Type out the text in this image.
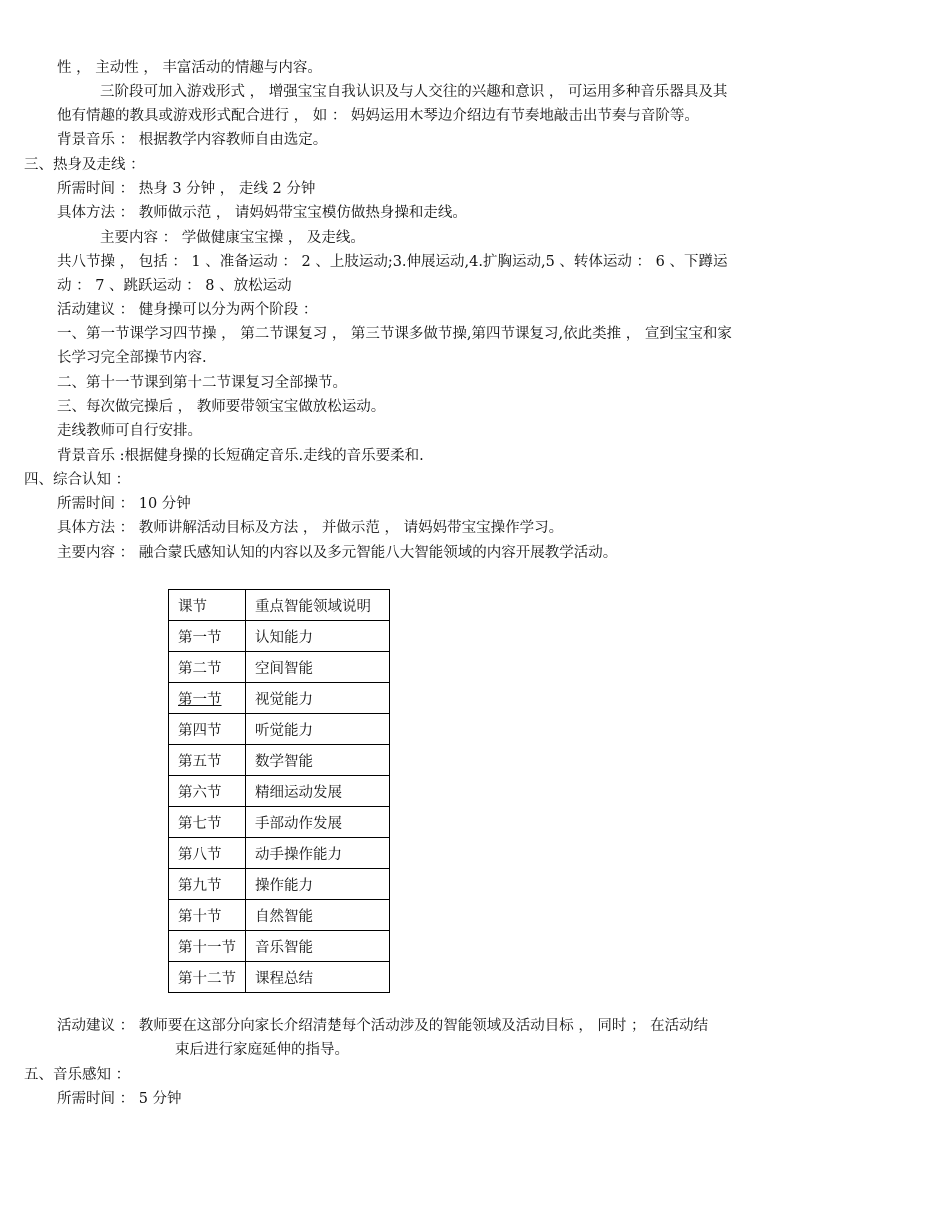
性 ， 主动性 ， 丰富活动的情趣与内容。
三阶段可加入游戏形式 ， 增强宝宝自我认识及与人交往的兴趣和意识 ， 可运用多种音乐器具及其
他有情趣的教具或游戏形式配合进行 ， 如 ： 妈妈运用木琴边介绍边有节奏地敲击出节奏与音阶等。
背景音乐 ： 根据教学内容教师自由选定。
三、热身及走线 ：
所需时间 ： 热身 3 分钟 ， 走线 2 分钟
具体方法 ： 教师做示范 ， 请妈妈带宝宝模仿做热身操和走线。
主要内容 ： 学做健康宝宝操 ， 及走线。
共八节操 ， 包括 ： 1 、准备运动 ： 2 、上肢运动;3.伸展运动,4.扩胸运动,5 、转体运动 ： 6 、下蹲运
动 ： 7 、跳跃运动 ： 8 、放松运动
活动建议 ： 健身操可以分为两个阶段 ：
一、第一节课学习四节操 ， 第二节课复习 ， 第三节课多做节操,第四节课复习,依此类推 ， 宣到宝宝和家
长学习完全部操节内容.
二、第十一节课到第十二节课复习全部操节。
三、每次做完操后 ， 教师要带领宝宝做放松运动。
走线教师可自行安排。
背景音乐 :根据健身操的长短确定音乐.走线的音乐要柔和.
四、综合认知 ：
所需时间 ： 10 分钟
具体方法 ： 教师讲解活动目标及方法 ， 并做示范 ， 请妈妈带宝宝操作学习。
主要内容 ： 融合蒙氏感知认知的内容以及多元智能八大智能领域的内容开展教学活动。
课节	重点智能领域说明
第一节	认知能力
第二节	空间智能
第一节	视觉能力
第四节	听觉能力
第五节	数学智能
第六节	精细运动发展
第七节	手部动作发展
第八节	动手操作能力
第九节	操作能力
第十节	自然智能
第十一节	音乐智能
第十二节	课程总结
活动建议 ： 教师要在这部分向家长介绍清楚每个活动涉及的智能领域及活动目标 ， 同时 ； 在活动结
束后进行家庭延伸的指导。
五、音乐感知 ：
所需时间 ： 5 分钟
